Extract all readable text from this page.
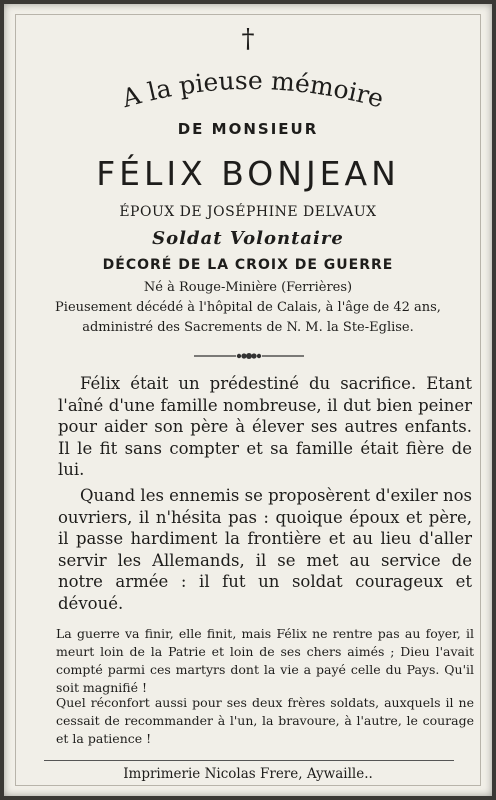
†
A la pieuse mémoire
DE MONSIEUR
FÉLIX BONJEAN
ÉPOUX DE JOSÉPHINE DELVAUX
Soldat Volontaire
DÉCORÉ DE LA CROIX DE GUERRE
Né à Rouge-Minière (Ferrières)
Pieusement décédé à l'hôpital de Calais, à l'âge de 42 ans,
administré des Sacrements de N. M. la Ste-Eglise.

Félix était un prédestiné du sacrifice. Etant l'aîné d'une famille nombreuse, il dut bien peiner pour aider son père à élever ses autres enfants. Il le fit sans compter et sa famille était fière de lui.

Quand les ennemis se proposèrent d'exiler nos ouvriers, il n'hésita pas : quoique époux et père, il passe hardiment la frontière et au lieu d'aller servir les Allemands, il se met au service de notre armée : il fut un soldat courageux et dévoué.

La guerre va finir, elle finit, mais Félix ne rentre pas au foyer, il meurt loin de la Patrie et loin de ses chers aimés ; Dieu l'avait compté parmi ces martyrs dont la vie a payé celle du Pays. Qu'il soit magnifié !

Quel réconfort aussi pour ses deux frères soldats, auxquels il ne cessait de recommander à l'un, la bravoure, à l'autre, le courage et la patience !

Imprimerie Nicolas Frere, Aywaille..
